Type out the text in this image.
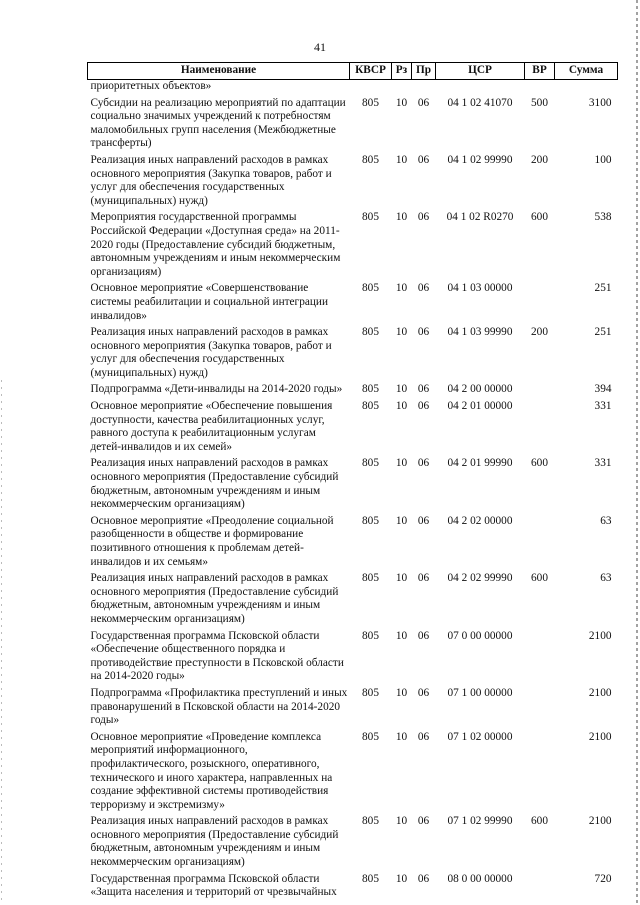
41
Наименование	КВСР	Рз	Пр	ЦСР	ВР	Сумма
приоритетных объектов»						
Субсидии на реализацию мероприятий по адаптации социально значимых учреждений к потребностям маломобильных групп населения (Межбюджетные трансферты)	805	10	06	04 1 02 41070	500	3100
Реализация иных направлений расходов в рамках основного мероприятия (Закупка товаров, работ и услуг для обеспечения государственных (муниципальных) нужд)	805	10	06	04 1 02 99990	200	100
Мероприятия государственной программы Российской Федерации «Доступная среда» на 2011-2020 годы (Предоставление субсидий бюджетным, автономным учреждениям и иным некоммерческим организациям)	805	10	06	04 1 02 R0270	600	538
Основное мероприятие «Совершенствование системы реабилитации и социальной интеграции инвалидов»	805	10	06	04 1 03 00000		251
Реализация иных направлений расходов в рамках основного мероприятия (Закупка товаров, работ и услуг для обеспечения государственных (муниципальных) нужд)	805	10	06	04 1 03 99990	200	251
Подпрограмма «Дети-инвалиды на 2014-2020 годы»	805	10	06	04 2 00 00000		394
Основное мероприятие «Обеспечение повышения доступности, качества реабилитационных услуг, равного доступа к реабилитационным услугам детей-инвалидов и их семей»	805	10	06	04 2 01 00000		331
Реализация иных направлений расходов в рамках основного мероприятия (Предоставление субсидий бюджетным, автономным учреждениям и иным некоммерческим организациям)	805	10	06	04 2 01 99990	600	331
Основное мероприятие «Преодоление социальной разобщенности в обществе и формирование позитивного отношения к проблемам детей-инвалидов и их семьям»	805	10	06	04 2 02 00000		63
Реализация иных направлений расходов в рамках основного мероприятия (Предоставление субсидий бюджетным, автономным учреждениям и иным некоммерческим организациям)	805	10	06	04 2 02 99990	600	63
Государственная программа Псковской области «Обеспечение общественного порядка и противодействие преступности в Псковской области на 2014-2020 годы»	805	10	06	07 0 00 00000		2100
Подпрограмма «Профилактика преступлений и иных правонарушений в Псковской области на 2014-2020 годы»	805	10	06	07 1 00 00000		2100
Основное мероприятие «Проведение комплекса мероприятий информационного, профилактического, розыскного, оперативного, технического и иного характера, направленных на создание эффективной системы противодействия терроризму и экстремизму»	805	10	06	07 1 02 00000		2100
Реализация иных направлений расходов в рамках основного мероприятия (Предоставление субсидий бюджетным, автономным учреждениям и иным некоммерческим организациям)	805	10	06	07 1 02 99990	600	2100
Государственная программа Псковской области «Защита населения и территорий от чрезвычайных	805	10	06	08 0 00 00000		720
